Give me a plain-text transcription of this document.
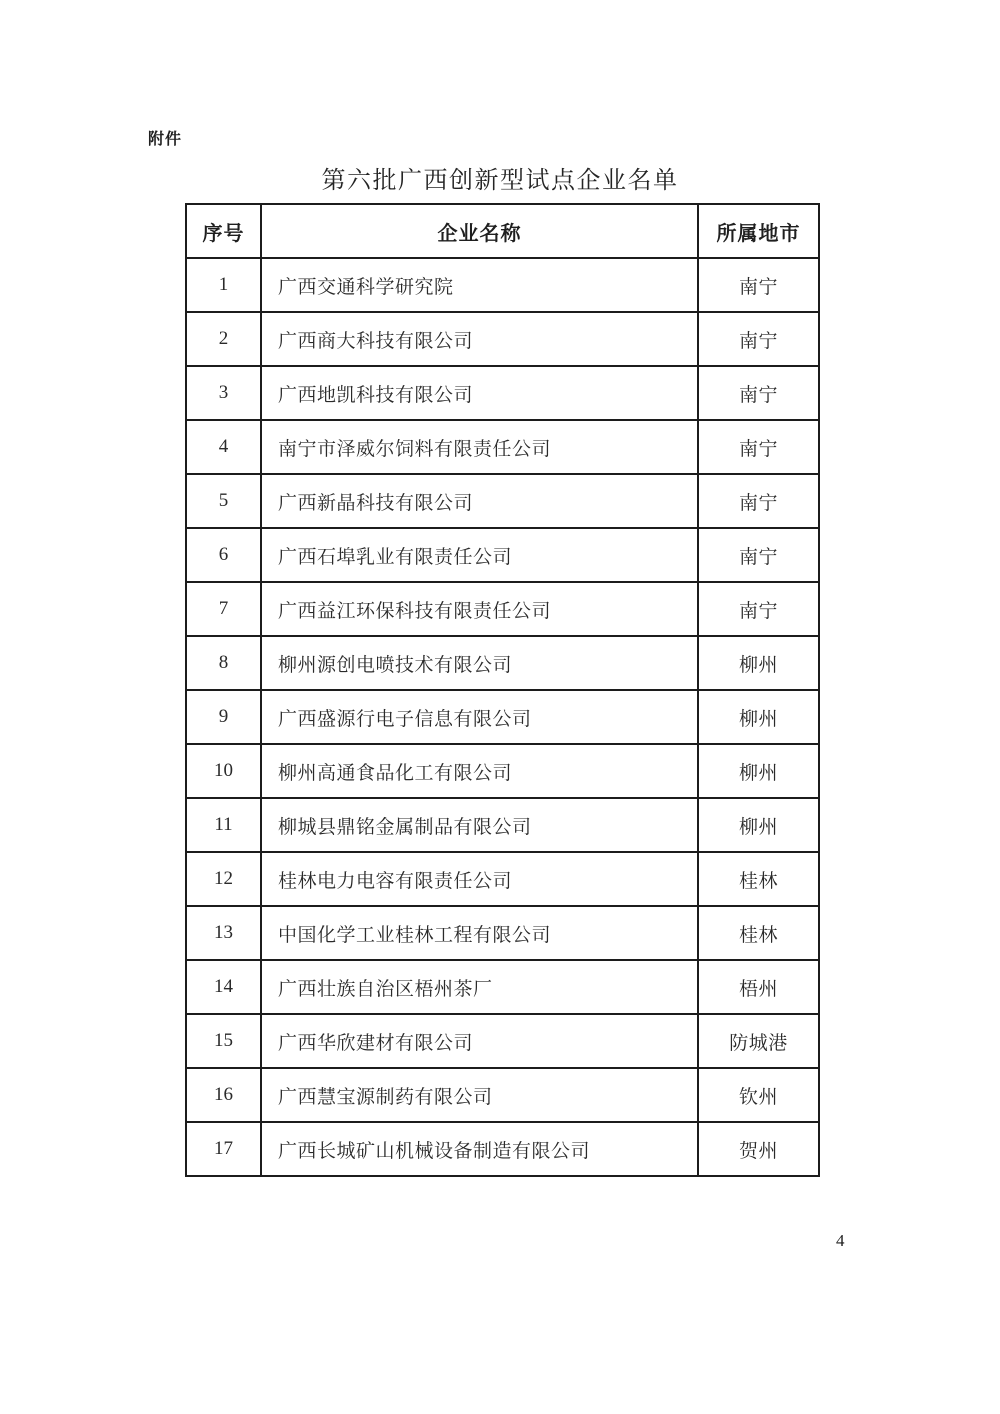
附件
第六批广西创新型试点企业名单
序号	企业名称	所属地市
1	广西交通科学研究院	南宁
2	广西商大科技有限公司	南宁
3	广西地凯科技有限公司	南宁
4	南宁市泽威尔饲料有限责任公司	南宁
5	广西新晶科技有限公司	南宁
6	广西石埠乳业有限责任公司	南宁
7	广西益江环保科技有限责任公司	南宁
8	柳州源创电喷技术有限公司	柳州
9	广西盛源行电子信息有限公司	柳州
10	柳州高通食品化工有限公司	柳州
11	柳城县鼎铭金属制品有限公司	柳州
12	桂林电力电容有限责任公司	桂林
13	中国化学工业桂林工程有限公司	桂林
14	广西壮族自治区梧州茶厂	梧州
15	广西华欣建材有限公司	防城港
16	广西慧宝源制药有限公司	钦州
17	广西长城矿山机械设备制造有限公司	贺州
4
